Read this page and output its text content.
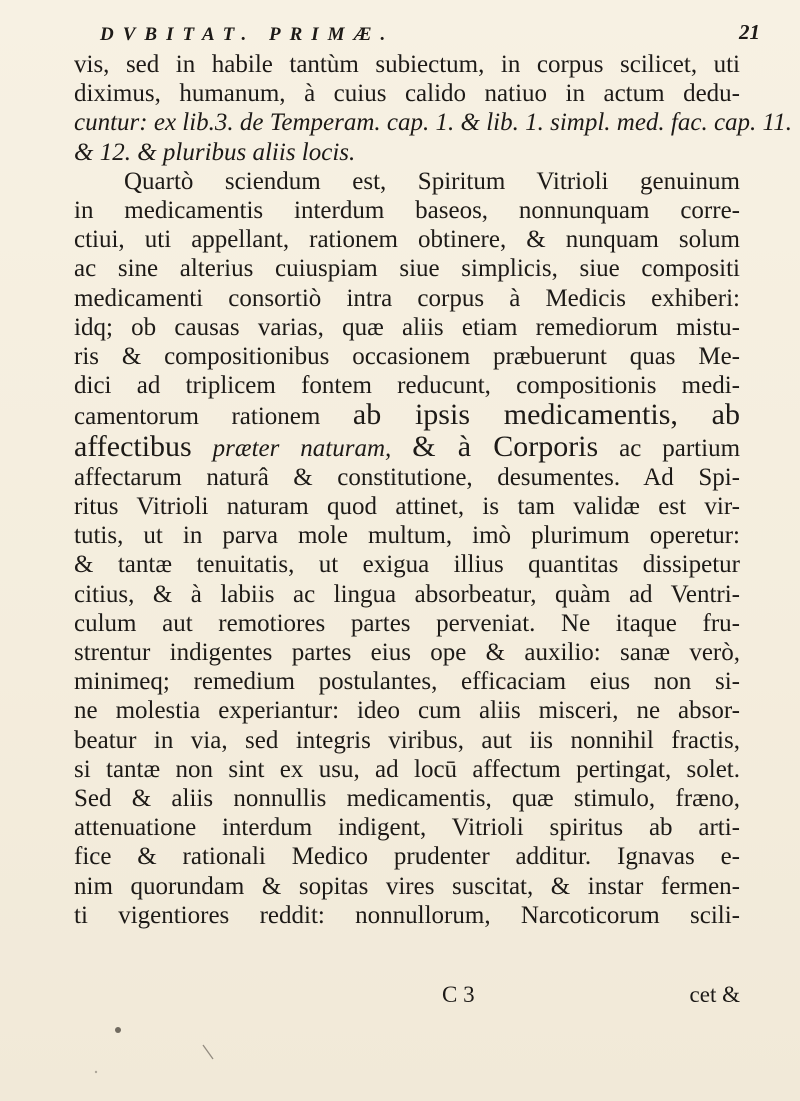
DVBITAT. PRIMÆ.	21
vis, sed in habile tantùm subiectum, in corpus scilicet, uti
diximus, humanum, à cuius calido natiuo in actum dedu-
cuntur: ex lib.3. de Temperam. cap. 1. & lib. 1. simpl. med. fac. cap. 11.
& 12. & pluribus aliis locis.
Quartò sciendum est, Spiritum Vitrioli genuinum
in medicamentis interdum baseos, nonnunquam corre-
ctiui, uti appellant, rationem obtinere, & nunquam solum
ac sine alterius cuiuspiam siue simplicis, siue compositi
medicamenti consortiò intra corpus à Medicis exhiberi:
idq; ob causas varias, quæ aliis etiam remediorum mistu-
ris & compositionibus occasionem præbuerunt quas Me-
dici ad triplicem fontem reducunt, compositionis medi-
camentorum rationem ab ipsis medicamentis, ab
affectibus præter naturam, & à Corporis ac partium
affectarum naturâ & constitutione, desumentes. Ad Spi-
ritus Vitrioli naturam quod attinet, is tam validæ est vir-
tutis, ut in parva mole multum, imò plurimum operetur:
& tantæ tenuitatis, ut exigua illius quantitas dissipetur
citius, & à labiis ac lingua absorbeatur, quàm ad Ventri-
culum aut remotiores partes perveniat. Ne itaque fru-
strentur indigentes partes eius ope & auxilio: sanæ verò,
minimeq; remedium postulantes, efficaciam eius non si-
ne molestia experiantur: ideo cum aliis misceri, ne absor-
beatur in via, sed integris viribus, aut iis nonnihil fractis,
si tantæ non sint ex usu, ad locū affectum pertingat, solet.
Sed & aliis nonnullis medicamentis, quæ stimulo, fræno,
attenuatione interdum indigent, Vitrioli spiritus ab arti-
fice & rationali Medico prudenter additur. Ignavas e-
nim quorundam & sopitas vires suscitat, & instar fermen-
ti vigentiores reddit: nonnullorum, Narcoticorum scili-
C 3	cet &
